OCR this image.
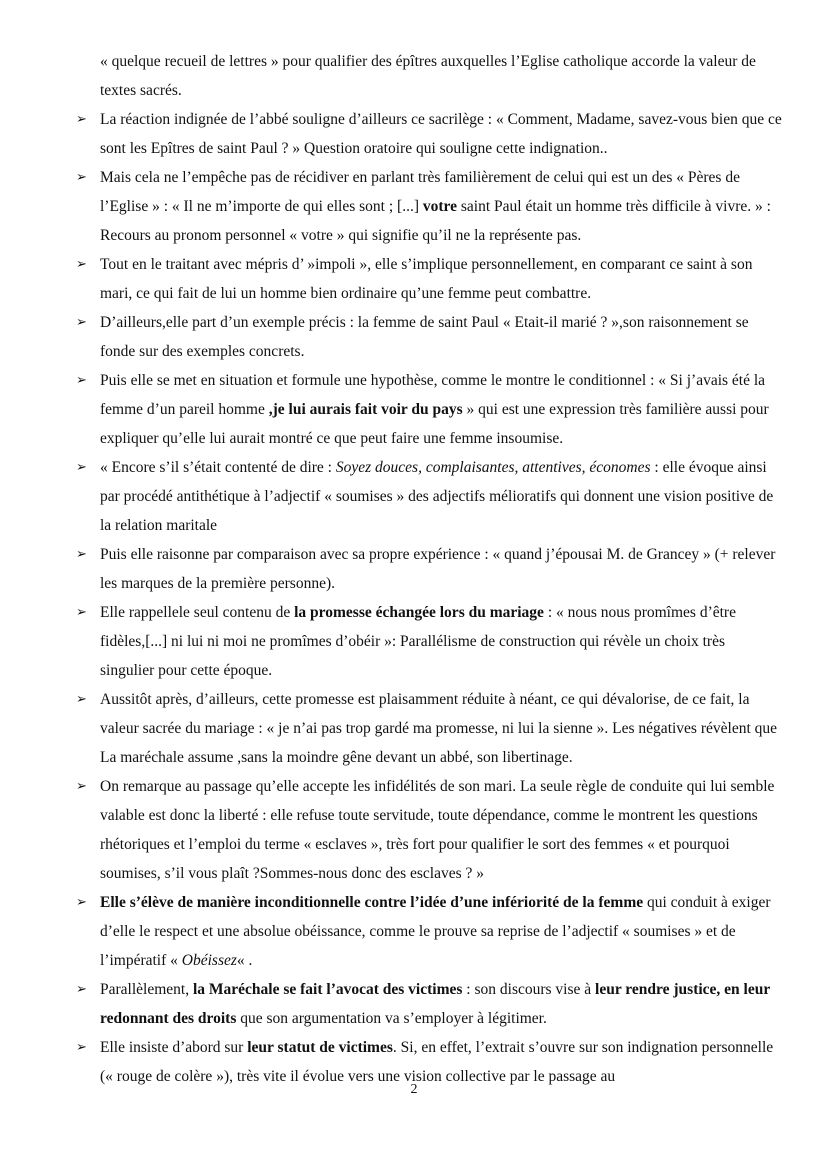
« quelque recueil de lettres » pour qualifier des épîtres auxquelles l’Eglise catholique accorde la valeur de textes sacrés.

➢ La réaction indignée de l’abbé souligne d’ailleurs ce sacrilège : « Comment, Madame, savez-vous bien que ce sont les Epîtres de saint Paul ? » Question oratoire qui souligne cette indignation..
➢ Mais cela ne l’empêche pas de récidiver en parlant très familièrement de celui qui est un des « Pères de l’Eglise » : « Il ne m’importe de qui elles sont ; [...] votre saint Paul était un homme très difficile à vivre. » : Recours au pronom personnel « votre » qui signifie qu’il ne la représente pas.
➢ Tout en le traitant avec mépris d’ »impoli », elle s’implique personnellement, en comparant ce saint à son mari, ce qui fait de lui un homme bien ordinaire qu’une femme peut combattre.
➢ D’ailleurs,elle part d’un exemple précis : la femme de saint Paul « Etait-il marié ? »,son raisonnement se fonde sur des exemples concrets.
➢ Puis elle se met en situation et formule une hypothèse, comme le montre le conditionnel : « Si j’avais été la femme d’un pareil homme ,je lui aurais fait voir du pays » qui est une expression très familière aussi pour expliquer qu’elle lui aurait montré ce que peut faire une femme insoumise.
➢ « Encore s’il s’était contenté de dire : Soyez douces, complaisantes, attentives, économes : elle évoque ainsi par procédé antithétique à l’adjectif « soumises » des adjectifs mélioratifs qui donnent une vision positive de la relation maritale
➢ Puis elle raisonne par comparaison avec sa propre expérience : « quand j’épousai M. de Grancey » (+ relever les marques de la première personne).
➢ Elle rappellele seul contenu de la promesse échangée lors du mariage : « nous nous promîmes d’être fidèles,[...] ni lui ni moi ne promîmes d’obéir »: Parallélisme de construction qui révèle un choix très singulier pour cette époque.
➢ Aussitôt après, d’ailleurs, cette promesse est plaisamment réduite à néant, ce qui dévalorise, de ce fait, la valeur sacrée du mariage : « je n’ai pas trop gardé ma promesse, ni lui la sienne ». Les négatives révèlent que La maréchale assume ,sans la moindre gêne devant un abbé, son libertinage.
➢ On remarque au passage qu’elle accepte les infidélités de son mari. La seule règle de conduite qui lui semble valable est donc la liberté : elle refuse toute servitude, toute dépendance, comme le montrent les questions rhétoriques et l’emploi du terme « esclaves », très fort pour qualifier le sort des femmes « et pourquoi soumises, s’il vous plaît ?Sommes-nous donc des esclaves ? »
➢ Elle s’élève de manière inconditionnelle contre l’idée d’une infériorité de la femme qui conduit à exiger d’elle le respect et une absolue obéissance, comme le prouve sa reprise de l’adjectif « soumises » et de l’impératif « Obéissez« .
➢ Parallèlement, la Maréchale se fait l’avocat des victimes : son discours vise à leur rendre justice, en leur redonnant des droits que son argumentation va s’employer à légitimer.
➢ Elle insiste d’abord sur leur statut de victimes. Si, en effet, l’extrait s’ouvre sur son indignation personnelle (« rouge de colère »), très vite il évolue vers une vision collective par le passage au
2
